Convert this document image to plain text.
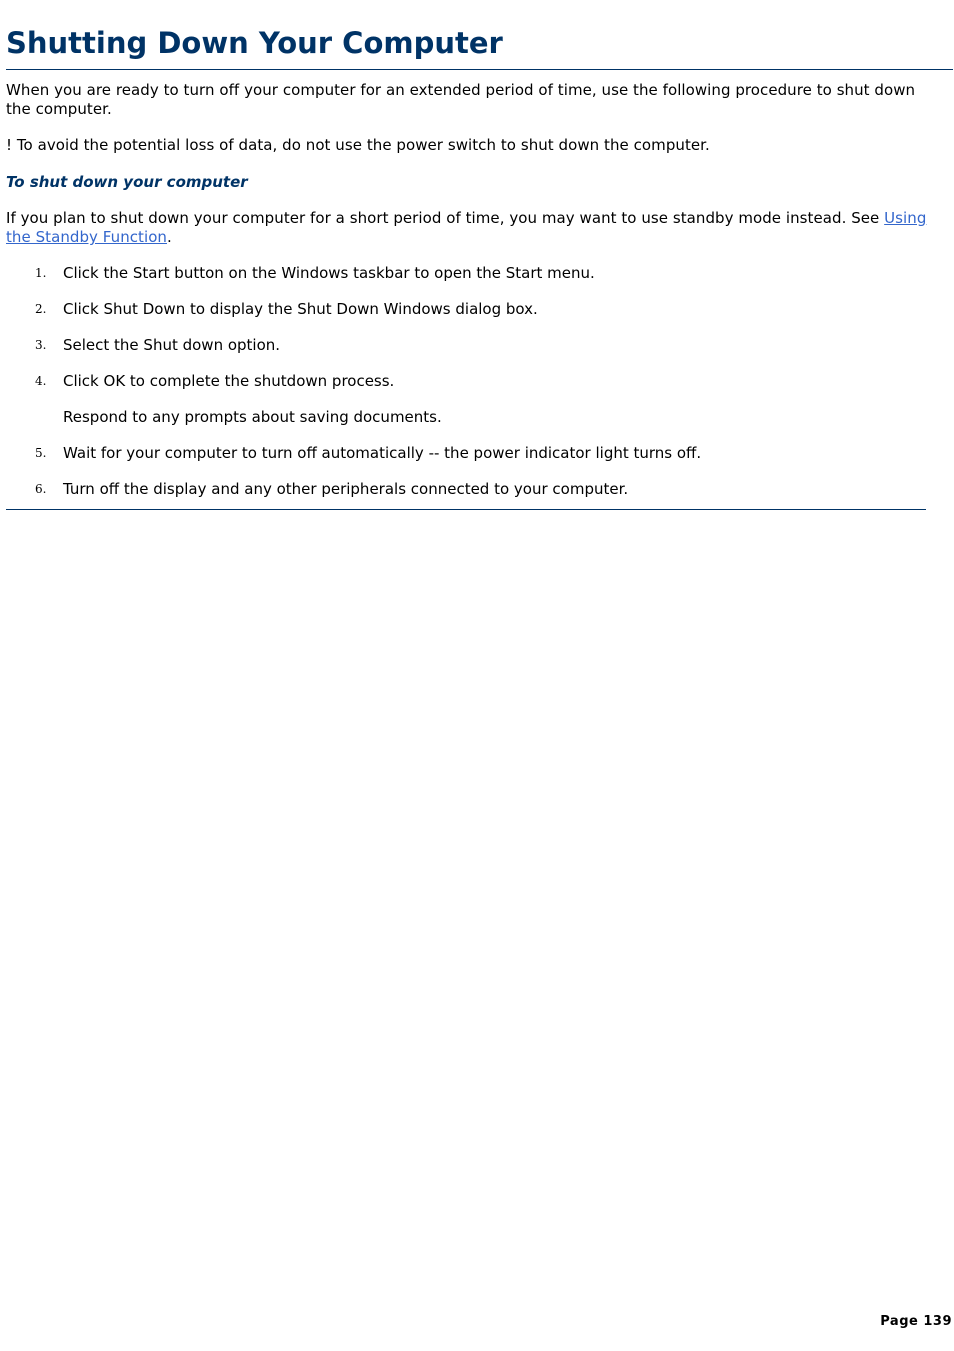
Shutting Down Your Computer

When you are ready to turn off your computer for an extended period of time, use the following procedure to shut down the computer.

! To avoid the potential loss of data, do not use the power switch to shut down the computer.

To shut down your computer

If you plan to shut down your computer for a short period of time, you may want to use standby mode instead. See Using the Standby Function.

1. Click the Start button on the Windows taskbar to open the Start menu.

2. Click Shut Down to display the Shut Down Windows dialog box.

3. Select the Shut down option.

4. Click OK to complete the shutdown process.

Respond to any prompts about saving documents.

5. Wait for your computer to turn off automatically -- the power indicator light turns off.

6. Turn off the display and any other peripherals connected to your computer.

Page 139
